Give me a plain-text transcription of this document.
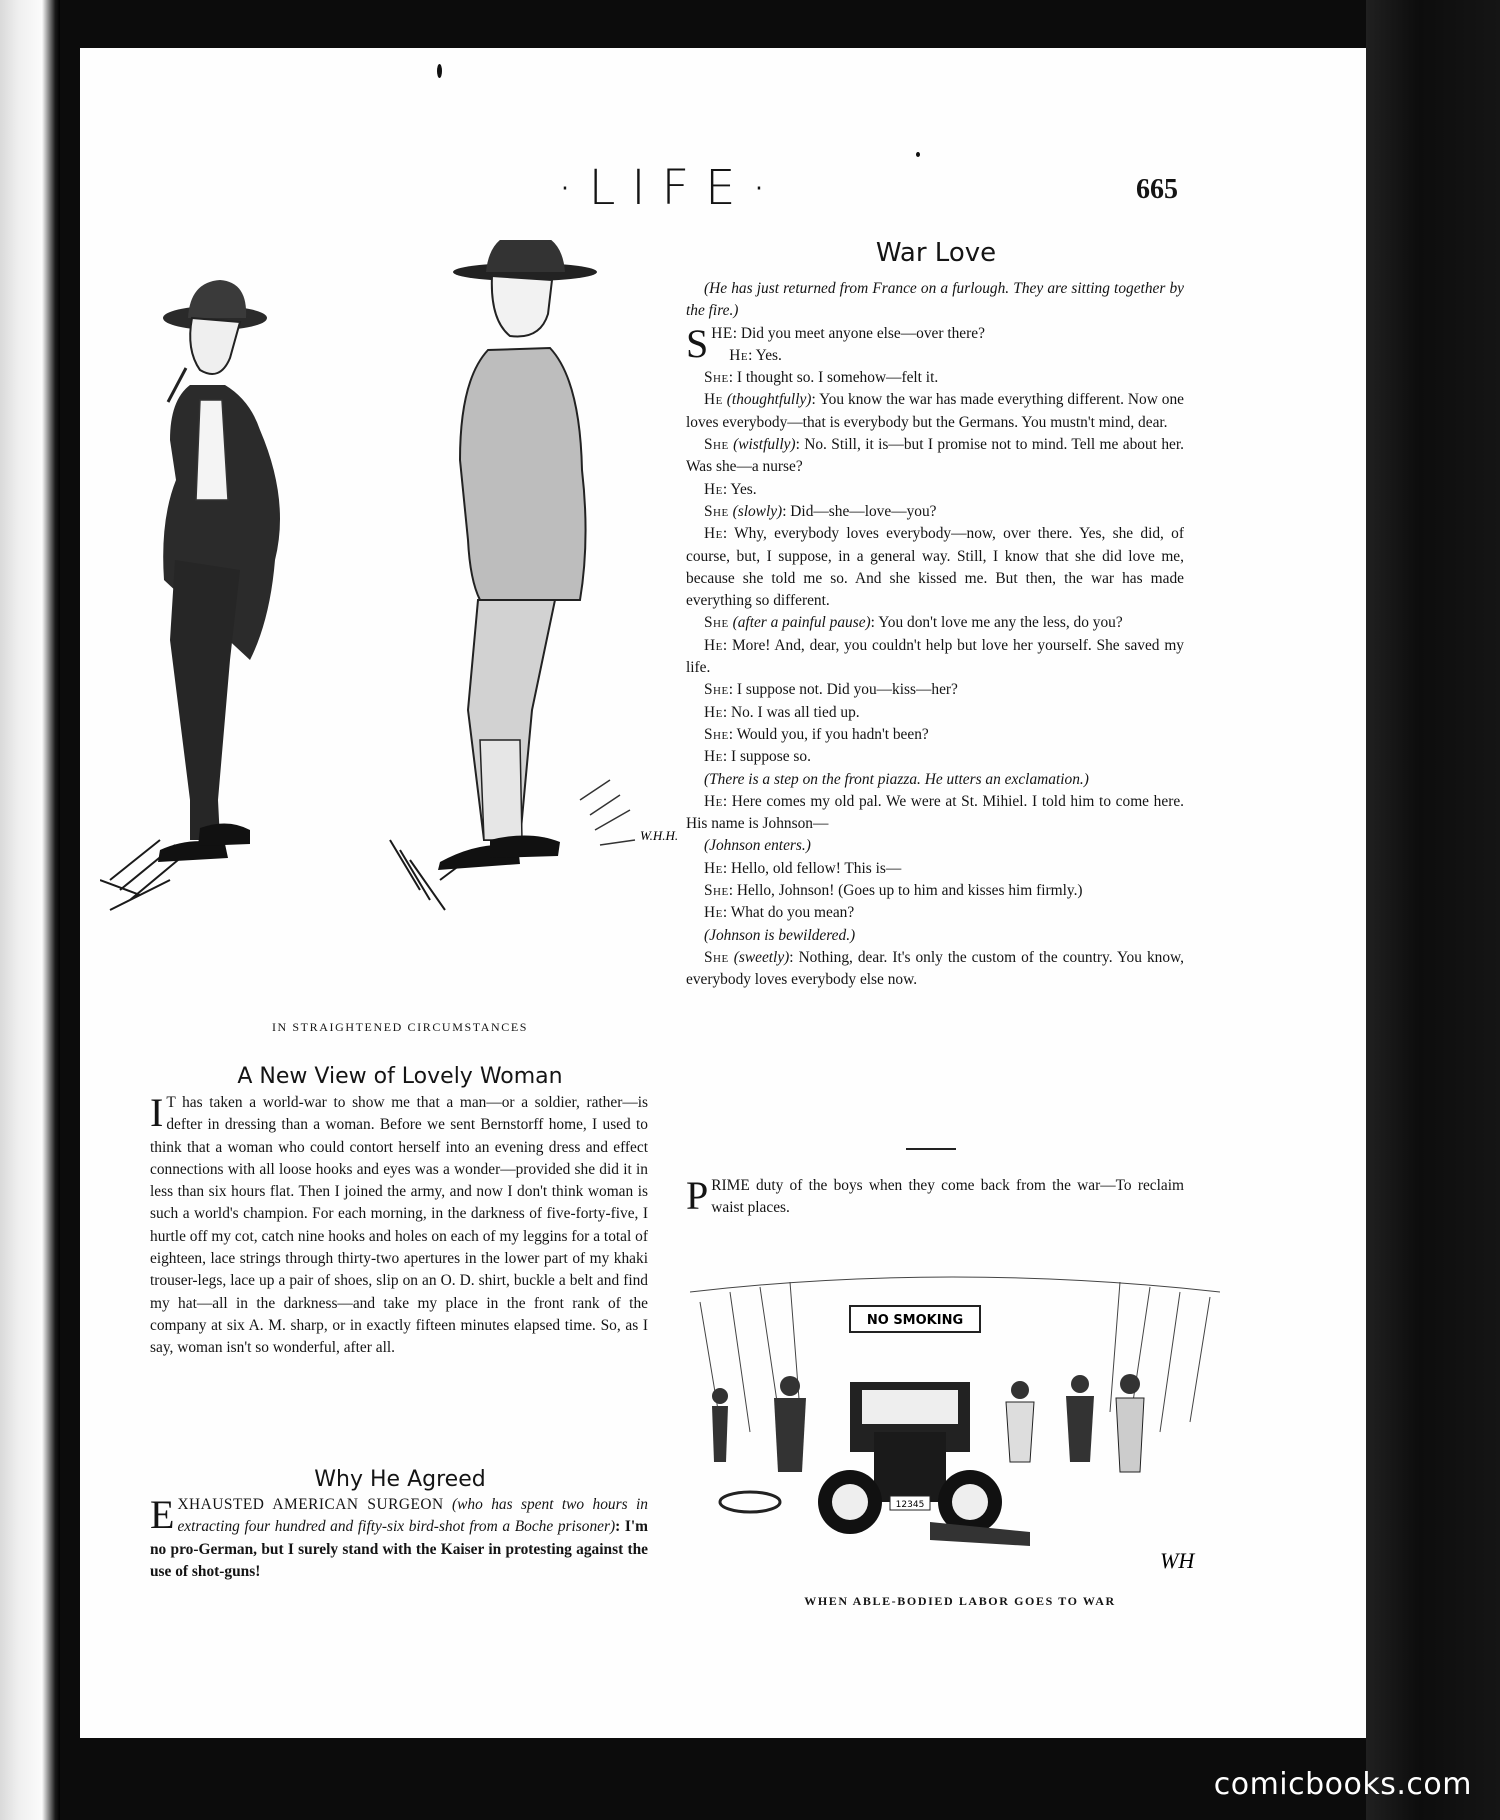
·LIFE·	665
W.H.H.
IN STRAIGHTENED CIRCUMSTANCES
A New View of Lovely Woman
I T has taken a world-war to show me that a man—or a soldier, rather—is defter in dressing than a woman. Before we sent Bernstorff home, I used to think that a woman who could contort herself into an evening dress and effect connections with all loose hooks and eyes was a wonder—provided she did it in less than six hours flat. Then I joined the army, and now I don't think woman is such a world's champion. For each morning, in the darkness of five-forty-five, I hurtle off my cot, catch nine hooks and holes on each of my leggins for a total of eighteen, lace strings through thirty-two apertures in the lower part of my khaki trouser-legs, lace up a pair of shoes, slip on an O. D. shirt, buckle a belt and find my hat—all in the darkness—and take my place in the front rank of the company at six A. M. sharp, or in exactly fifteen minutes elapsed time. So, as I say, woman isn't so wonderful, after all.
Why He Agreed
EXHAUSTED AMERICAN SURGEON (who has spent two hours in extracting four hundred and fifty-six bird-shot from a Boche prisoner): I'm no pro-German, but I surely stand with the Kaiser in protesting against the use of shot-guns!
War Love

(He has just returned from France on a furlough. They are sitting together by the fire.)

SHE: Did you meet anyone else—over there?

He: Yes.

She: I thought so. I somehow—felt it.

He (thoughtfully): You know the war has made everything different. Now one loves everybody—that is everybody but the Germans. You mustn't mind, dear.

She (wistfully): No. Still, it is—but I promise not to mind. Tell me about her. Was she—a nurse?

He: Yes.

She (slowly): Did—she—love—you?

He: Why, everybody loves everybody—now, over there. Yes, she did, of course, but, I suppose, in a general way. Still, I know that she did love me, because she told me so. And she kissed me. But then, the war has made everything so different.

She (after a painful pause): You don't love me any the less, do you?

He: More! And, dear, you couldn't help but love her yourself. She saved my life.

She: I suppose not. Did you—kiss—her?

He: No. I was all tied up.

She: Would you, if you hadn't been?

He: I suppose so.

(There is a step on the front piazza. He utters an exclamation.)

He: Here comes my old pal. We were at St. Mihiel. I told him to come here. His name is Johnson—

(Johnson enters.)

He: Hello, old fellow! This is—

She: Hello, Johnson! (Goes up to him and kisses him firmly.)

He: What do you mean?

(Johnson is bewildered.)

She (sweetly): Nothing, dear. It's only the custom of the country. You know, everybody loves everybody else now.

PRIME duty of the boys when they come back from the war—To reclaim waist places.
NO SMOKING
12345
WH
WHEN ABLE-BODIED LABOR GOES TO WAR
comicbooks.com
